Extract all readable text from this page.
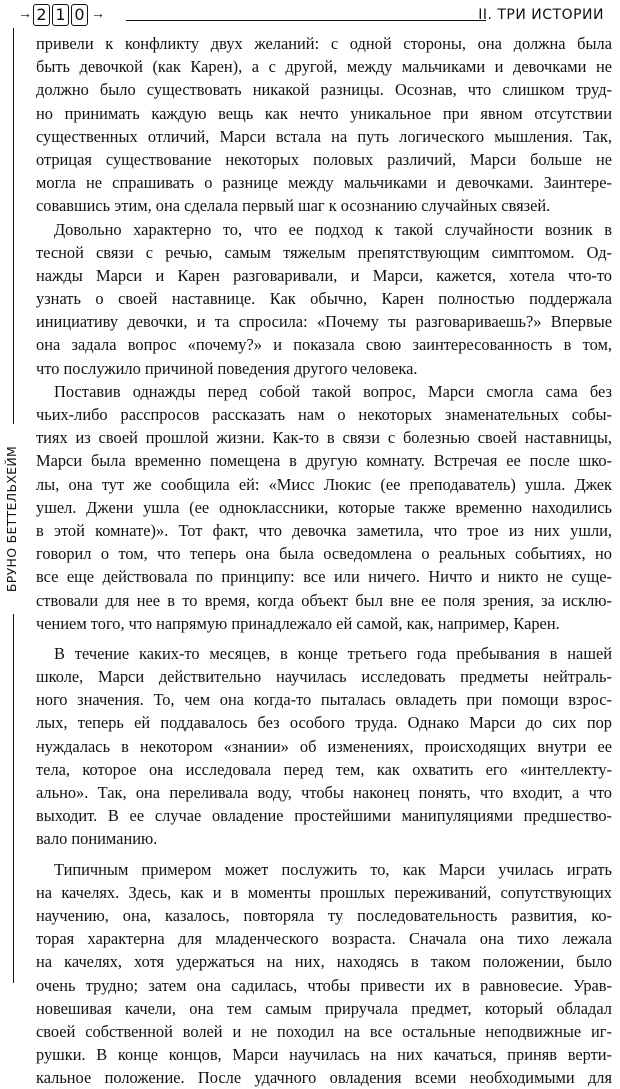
→ 2 1 0 →	II. ТРИ ИСТОРИИ
БРУНО БЕТТЕЛЬХЕЙМ
привели к конфликту двух желаний: с одной стороны, она должна была
быть девочкой (как Карен), а с другой, между мальчиками и девочками не
должно было существовать никакой разницы. Осознав, что слишком труд-
но принимать каждую вещь как нечто уникальное при явном отсутствии
существенных отличий, Марси встала на путь логического мышления. Так,
отрицая существование некоторых половых различий, Марси больше не
могла не спрашивать о разнице между мальчиками и девочками. Заинтере-
совавшись этим, она сделала первый шаг к осознанию случайных связей.
Довольно характерно то, что ее подход к такой случайности возник в
тесной связи с речью, самым тяжелым препятствующим симптомом. Од-
нажды Марси и Карен разговаривали, и Марси, кажется, хотела что-то
узнать о своей наставнице. Как обычно, Карен полностью поддержала
инициативу девочки, и та спросила: «Почему ты разговариваешь?» Впервые
она задала вопрос «почему?» и показала свою заинтересованность в том,
что послужило причиной поведения другого человека.
Поставив однажды перед собой такой вопрос, Марси смогла сама без
чьих-либо расспросов рассказать нам о некоторых знаменательных собы-
тиях из своей прошлой жизни. Как-то в связи с болезнью своей наставницы,
Марси была временно помещена в другую комнату. Встречая ее после шко-
лы, она тут же сообщила ей: «Мисс Люкис (ее преподаватель) ушла. Джек
ушел. Джени ушла (ее одноклассники, которые также временно находились
в этой комнате)». Тот факт, что девочка заметила, что трое из них ушли,
говорил о том, что теперь она была осведомлена о реальных событиях, но
все еще действовала по принципу: все или ничего. Ничто и никто не суще-
ствовали для нее в то время, когда объект был вне ее поля зрения, за исклю-
чением того, что напрямую принадлежало ей самой, как, например, Карен.
В течение каких-то месяцев, в конце третьего года пребывания в нашей
школе, Марси действительно научилась исследовать предметы нейтраль-
ного значения. То, чем она когда-то пыталась овладеть при помощи взрос-
лых, теперь ей поддавалось без особого труда. Однако Марси до сих пор
нуждалась в некотором «знании» об изменениях, происходящих внутри ее
тела, которое она исследовала перед тем, как охватить его «интеллекту-
ально». Так, она переливала воду, чтобы наконец понять, что входит, а что
выходит. В ее случае овладение простейшими манипуляциями предшество-
вало пониманию.
Типичным примером может послужить то, как Марси училась играть
на качелях. Здесь, как и в моменты прошлых переживаний, сопутствующих
научению, она, казалось, повторяла ту последовательность развития, ко-
торая характерна для младенческого возраста. Сначала она тихо лежала
на качелях, хотя удержаться на них, находясь в таком положении, было
очень трудно; затем она садилась, чтобы привести их в равновесие. Урав-
новешивая качели, она тем самым приручала предмет, который обладал
своей собственной волей и не походил на все остальные неподвижные иг-
рушки. В конце концов, Марси научилась на них качаться, приняв верти-
кальное положение. После удачного овладения всеми необходимыми для
